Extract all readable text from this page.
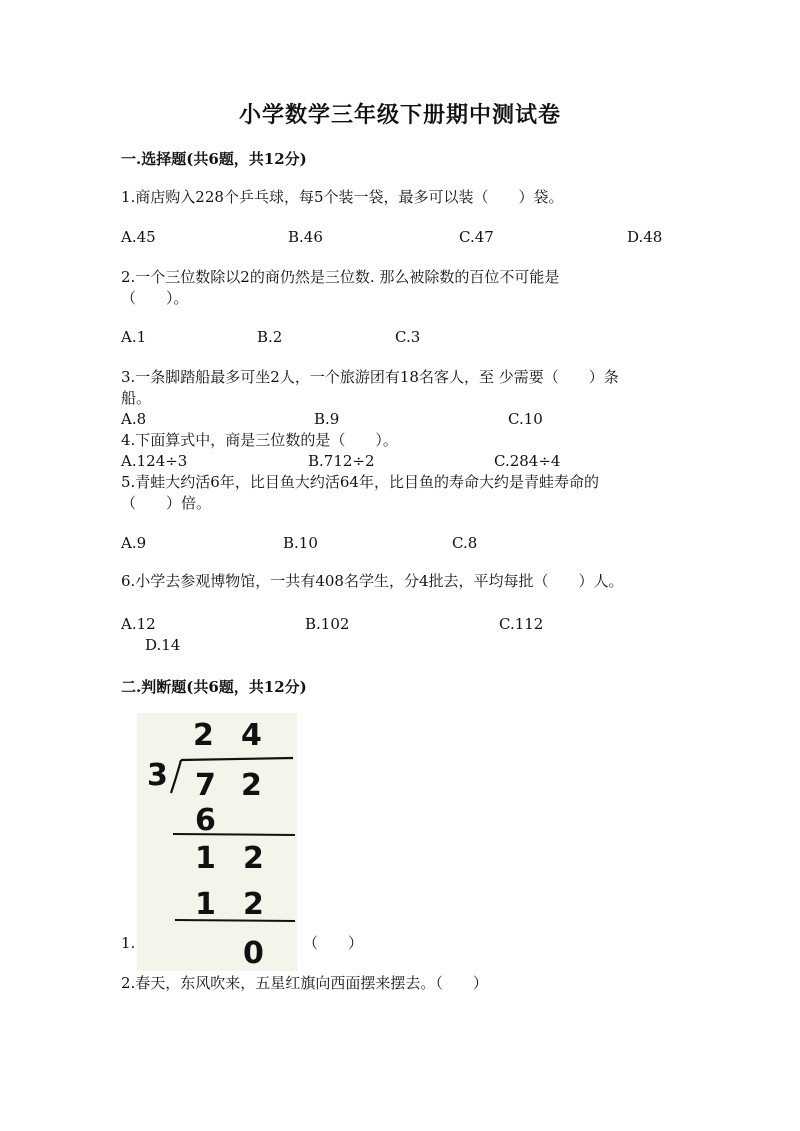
小学数学三年级下册期中测试卷
一.选择题(共6题，共12分)
1.商店购入228个乒乓球，每5个装一袋，最多可以装（　　）袋。
A.45	B.46	C.47	D.48
2.一个三位数除以2的商仍然是三位数. 那么被除数的百位不可能是
（　　）。
A.1	B.2	C.3
3.一条脚踏船最多可坐2人，一个旅游团有18名客人，至 少需要（　　）条
船。
A.8	B.9	C.10
4.下面算式中，商是三位数的是（　　）。
A.124÷3	B.712÷2	C.284÷4
5.青蛙大约活6年，比目鱼大约活64年，比目鱼的寿命大约是青蛙寿命的
（　　）倍。
A.9	B.10	C.8
6.小学去参观博物馆，一共有408名学生，分4批去，平均每批（　　）人。
A.12	B.102	C.112
D.14
二.判断题(共6题，共12分)
2 4
3 7 2
6
1 2
1 2
0
1.	（　　）
2.春天，东风吹来，五星红旗向西面摆来摆去。（　　）
